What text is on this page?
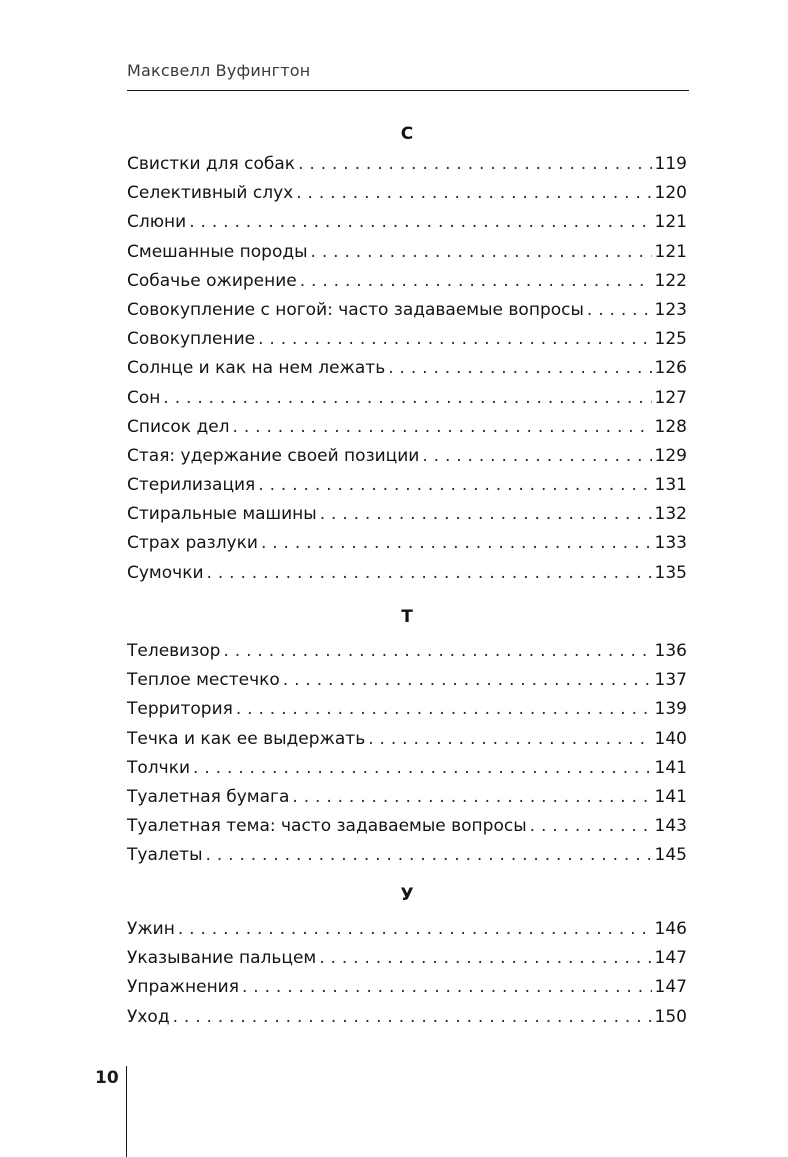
Максвелл Вуфингтон
С
Свистки для собак . . .	119
Селективный слух . . .	120
Слюни . . .	121
Смешанные породы . . .	121
Собачье ожирение . . .	122
Совокупление с ногой: часто задаваемые вопросы . . .	123
Совокупление . . .	125
Солнце и как на нем лежать . . .	126
Сон . . .	127
Список дел . . .	128
Стая: удержание своей позиции . . .	129
Стерилизация . . .	131
Стиральные машины . . .	132
Страх разлуки . . .	133
Сумочки . . .	135
Т
Телевизор . . .	136
Теплое местечко . . .	137
Территория . . .	139
Течка и как ее выдержать . . .	140
Толчки . . .	141
Туалетная бумага . . .	141
Туалетная тема: часто задаваемые вопросы . . .	143
Туалеты . . .	145
У
Ужин . . .	146
Указывание пальцем . . .	147
Упражнения . . .	147
Уход . . .	150
10
